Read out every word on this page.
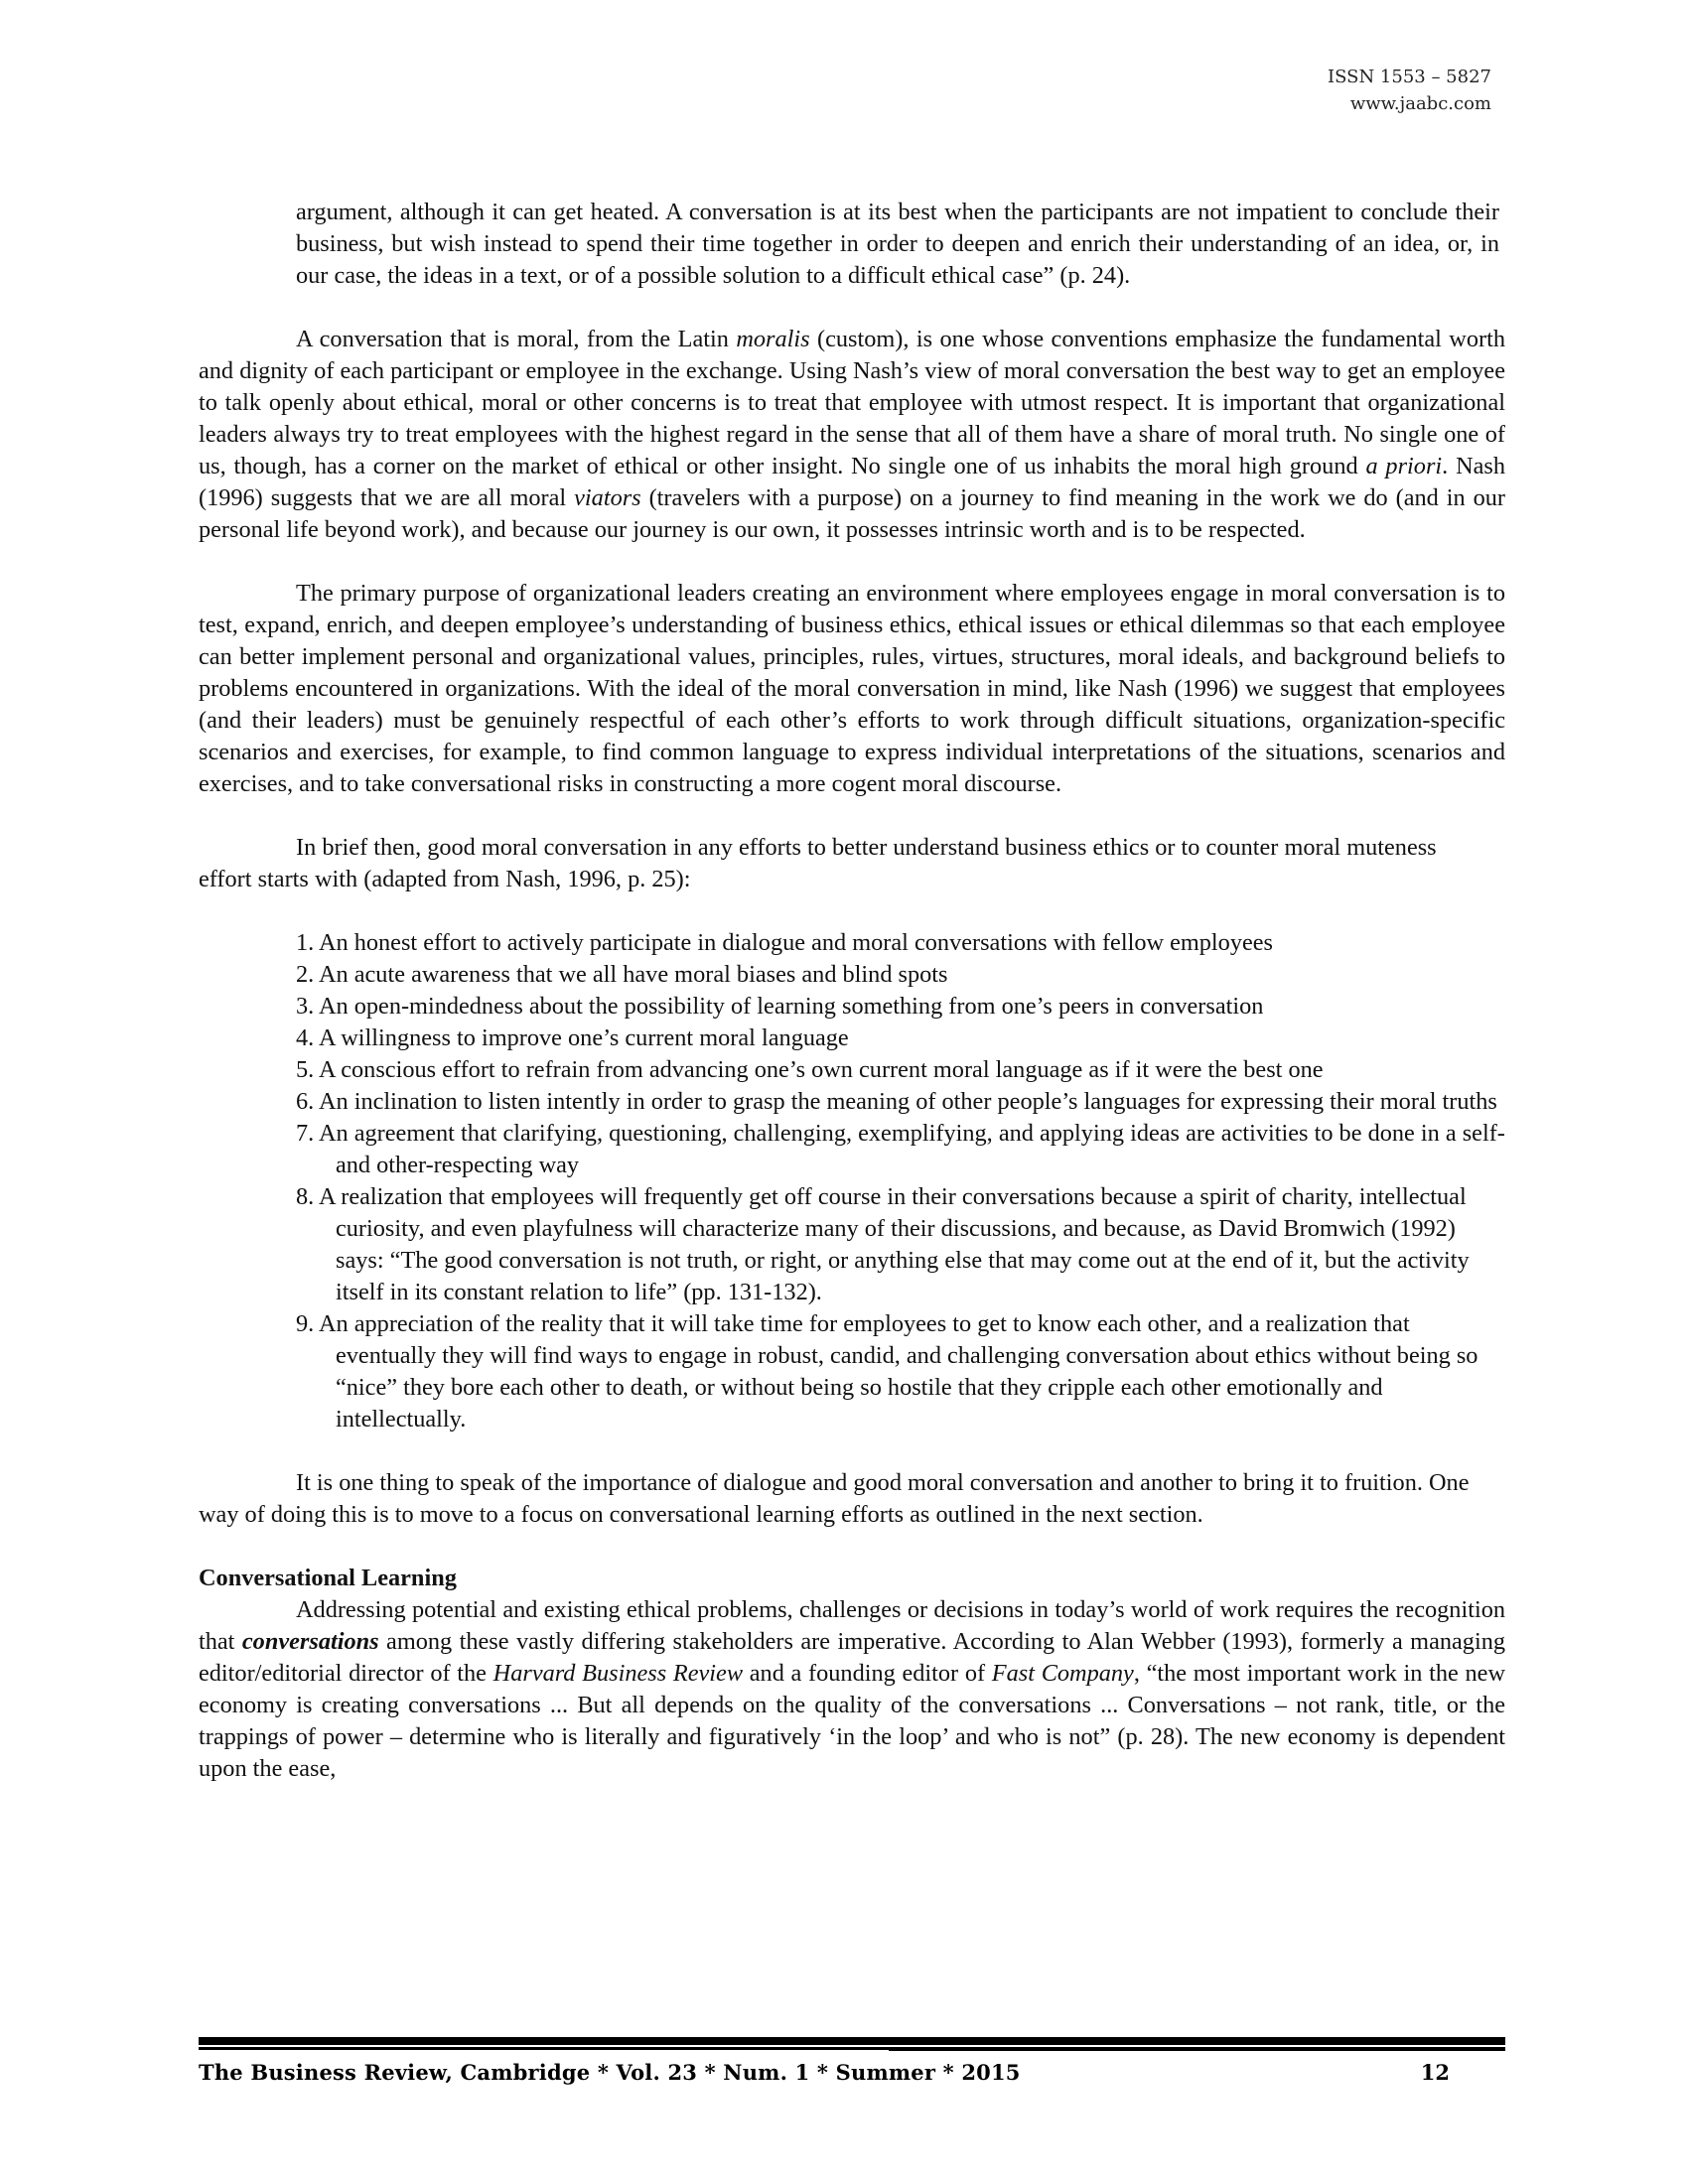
ISSN 1553 – 5827
www.jaabc.com

argument, although it can get heated. A conversation is at its best when the participants are not impatient to conclude their business, but wish instead to spend their time together in order to deepen and enrich their understanding of an idea, or, in our case, the ideas in a text, or of a possible solution to a difficult ethical case” (p. 24).

A conversation that is moral, from the Latin moralis (custom), is one whose conventions emphasize the fundamental worth and dignity of each participant or employee in the exchange. Using Nash’s view of moral conversation the best way to get an employee to talk openly about ethical, moral or other concerns is to treat that employee with utmost respect. It is important that organizational leaders always try to treat employees with the highest regard in the sense that all of them have a share of moral truth. No single one of us, though, has a corner on the market of ethical or other insight. No single one of us inhabits the moral high ground a priori. Nash (1996) suggests that we are all moral viators (travelers with a purpose) on a journey to find meaning in the work we do (and in our personal life beyond work), and because our journey is our own, it possesses intrinsic worth and is to be respected.

The primary purpose of organizational leaders creating an environment where employees engage in moral conversation is to test, expand, enrich, and deepen employee’s understanding of business ethics, ethical issues or ethical dilemmas so that each employee can better implement personal and organizational values, principles, rules, virtues, structures, moral ideals, and background beliefs to problems encountered in organizations. With the ideal of the moral conversation in mind, like Nash (1996) we suggest that employees (and their leaders) must be genuinely respectful of each other’s efforts to work through difficult situations, organization-specific scenarios and exercises, for example, to find common language to express individual interpretations of the situations, scenarios and exercises, and to take conversational risks in constructing a more cogent moral discourse.

In brief then, good moral conversation in any efforts to better understand business ethics or to counter moral muteness effort starts with (adapted from Nash, 1996, p. 25):

1. An honest effort to actively participate in dialogue and moral conversations with fellow employees
2. An acute awareness that we all have moral biases and blind spots
3. An open-mindedness about the possibility of learning something from one’s peers in conversation
4. A willingness to improve one’s current moral language
5. A conscious effort to refrain from advancing one’s own current moral language as if it were the best one
6. An inclination to listen intently in order to grasp the meaning of other people’s languages for expressing their moral truths
7. An agreement that clarifying, questioning, challenging, exemplifying, and applying ideas are activities to be done in a self- and other-respecting way
8. A realization that employees will frequently get off course in their conversations because a spirit of charity, intellectual curiosity, and even playfulness will characterize many of their discussions, and because, as David Bromwich (1992) says: “The good conversation is not truth, or right, or anything else that may come out at the end of it, but the activity itself in its constant relation to life” (pp. 131-132).
9. An appreciation of the reality that it will take time for employees to get to know each other, and a realization that eventually they will find ways to engage in robust, candid, and challenging conversation about ethics without being so “nice” they bore each other to death, or without being so hostile that they cripple each other emotionally and intellectually.

It is one thing to speak of the importance of dialogue and good moral conversation and another to bring it to fruition. One way of doing this is to move to a focus on conversational learning efforts as outlined in the next section.

Conversational Learning

Addressing potential and existing ethical problems, challenges or decisions in today’s world of work requires the recognition that conversations among these vastly differing stakeholders are imperative. According to Alan Webber (1993), formerly a managing editor/editorial director of the Harvard Business Review and a founding editor of Fast Company, “the most important work in the new economy is creating conversations ... But all depends on the quality of the conversations ... Conversations – not rank, title, or the trappings of power – determine who is literally and figuratively ‘in the loop’ and who is not” (p. 28). The new economy is dependent upon the ease,

The Business Review, Cambridge * Vol. 23 * Num. 1 * Summer * 2015	12
